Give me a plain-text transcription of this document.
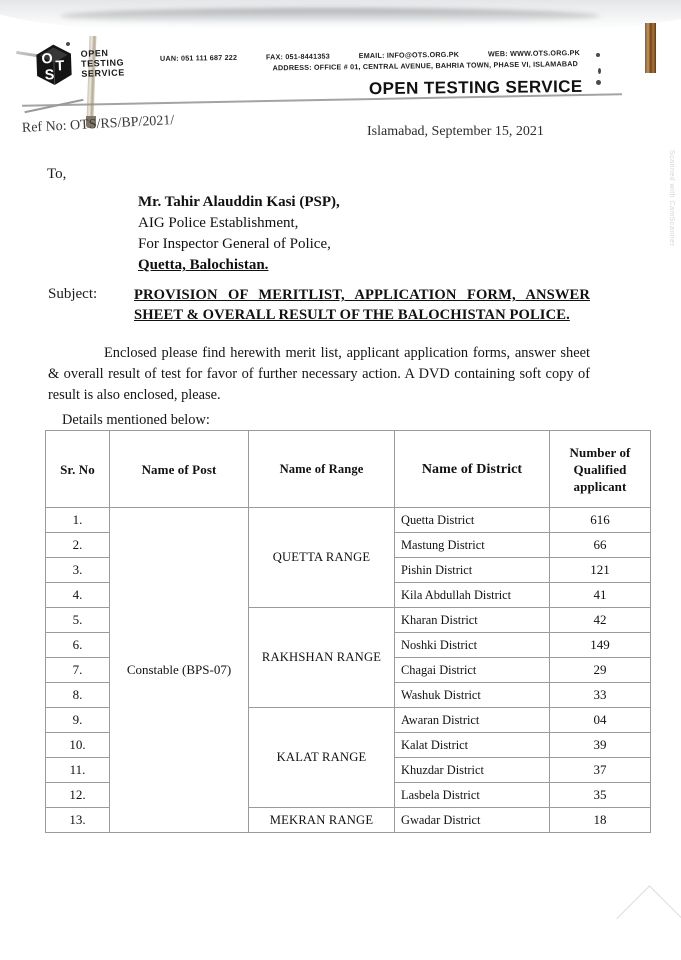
Scanned with CamScanner
O T
S
OPEN
TESTING
SERVICE
UAN: 051 111 687 222	FAX: 051-8441353	EMAIL: INFO@OTS.ORG.PK	WEB: WWW.OTS.ORG.PK
ADDRESS: OFFICE # 01, CENTRAL AVENUE, BAHRIA TOWN, PHASE VI, ISLAMABAD
OPEN TESTING SERVICE
Ref No: OTS/RS/BP/2021/	Islamabad, September 15, 2021
To,
Mr. Tahir Alauddin Kasi (PSP),
AIG Police Establishment,
For Inspector General of Police,
Quetta, Balochistan.
Subject:	PROVISION OF MERITLIST, APPLICATION FORM, ANSWER SHEET & OVERALL RESULT OF THE BALOCHISTAN POLICE.
Enclosed please find herewith merit list, applicant application forms, answer sheet & overall result of test for favor of further necessary action. A DVD containing soft copy of result is also enclosed, please.
Details mentioned below:
Sr. No	Name of Post	Name of Range	Name of District	Number of Qualified applicant
1.	Constable (BPS-07)	QUETTA RANGE	Quetta District	616
2.			Mastung District	66
3.			Pishin District	121
4.			Kila Abdullah District	41
5.		RAKHSHAN RANGE	Kharan District	42
6.			Noshki District	149
7.			Chagai District	29
8.			Washuk District	33
9.		KALAT RANGE	Awaran District	04
10.			Kalat District	39
11.			Khuzdar District	37
12.			Lasbela District	35
13.		MEKRAN RANGE	Gwadar District	18
